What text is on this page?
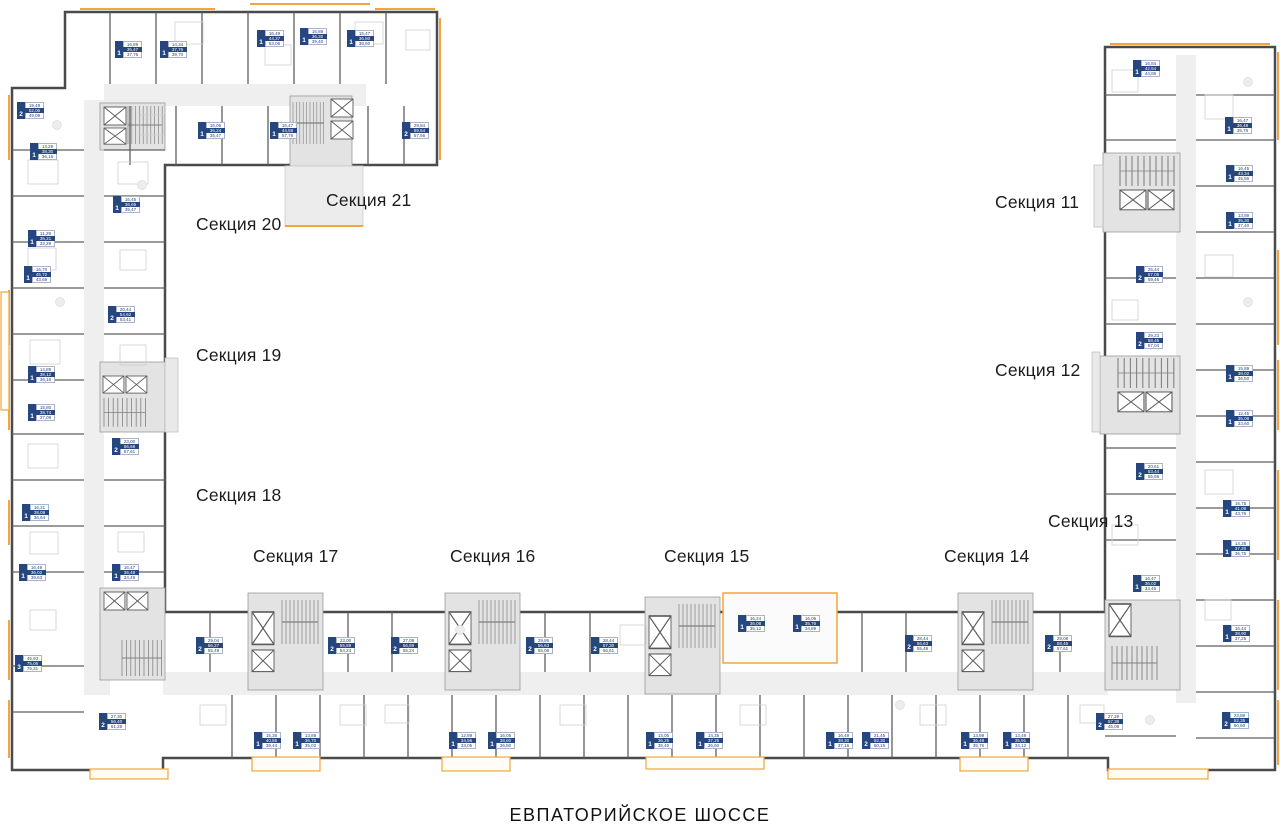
Секция 11
Секция 12
Секция 13
Секция 14
Секция 15
Секция 16
Секция 17
Секция 18
Секция 19
Секция 20
Секция 21
2
19,48
52,06
49,09
1
13,29
38,30
36,16
1
16,45
36,65
35,47
1
11,29
35,21
33,29
1
16,70
45,72
43,69
2
20,44
54,62
53,41
1
14,89
38,12
36,16
1
15,80
38,74
37,09
2
23,00
56,68
57,61
1
16,21
38,09
36,64
1
16,49
36,02
39,63	1
16,47
36,48
34,49
3
45,93
75,06
76,31
2
27,30
56,40
61,28
1
16,89
35,47
37,76	1
14,34
37,76
39,70
1
16,49
44,37
53,06	1
16,89
36,30
39,40	1
15,47
36,80
38,60
1
16,05
36,24
35,47	1
16,47
44,58
57,76	2
29,84
59,54
57,56
1
16,84
42,54
44,85
1
16,47
36,48
35,76
1
16,45
43,34
45,56
1
13,89
35,30
37,40
2
25,44
57,05
59,46
2
29,23
58,45
57,04
1
15,89
38,02
36,50
1
12,45
35,08
33,60
2
20,61
53,44
55,69
1
16,75
41,08
43,76
1
14,35
37,20
36,75
1
16,47
36,02
34,45
1
16,44
38,90
37,25
2
27,29
57,38
45,08	2
23,89
52,35
50,60
2
29,04
56,27
55,49	2
23,00
55,89
54,24	2
27,08
56,89
55,24	2
29,86
56,63
55,06	2
28,44
57,30
56,61
1
16,24
36,08
35,12	1
16,06
35,76
34,89
2
28,44
56,63
55,49	2
29,08
58,46
57,61
1
15,35
40,85
39,44	1
13,89
36,70
35,02	1
12,89
34,56
33,05	1
16,05
38,60
36,80	1
13,05
36,25
35,40	1
14,35
37,25
36,60	1
16,49
38,30
37,16	2
21,45
52,30
50,15	1
13,89
36,48
35,76	1
13,49
35,91
34,12
ЕВПАТОРИЙСКОЕ ШОССЕ
